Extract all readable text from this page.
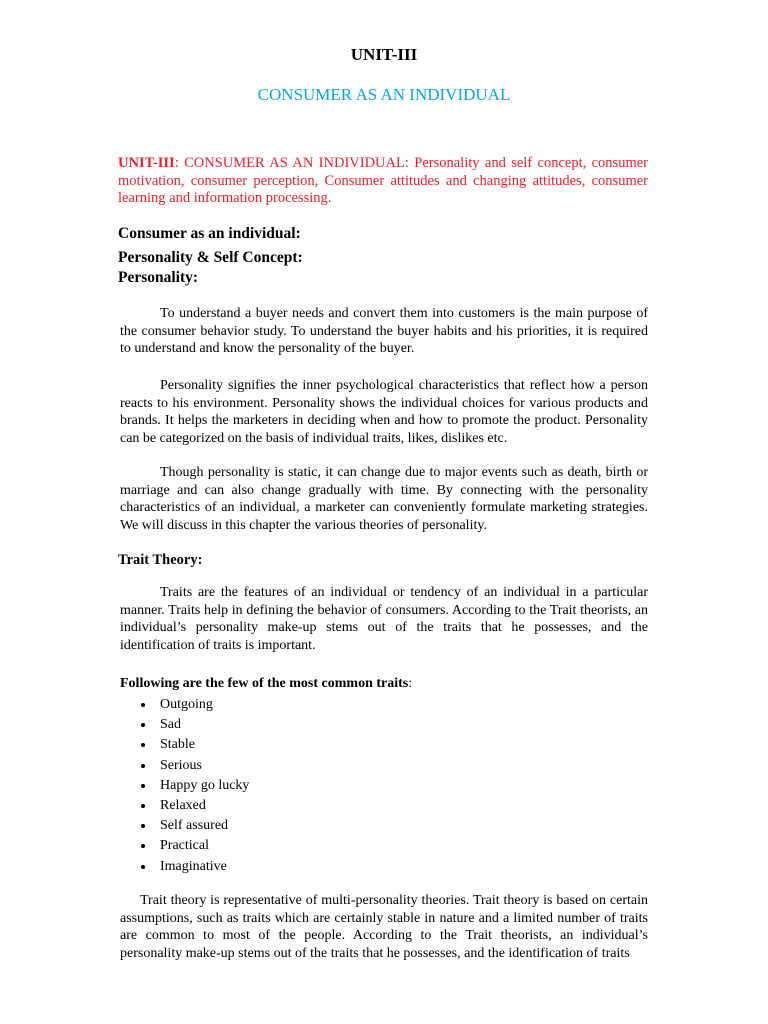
UNIT-III
CONSUMER AS AN INDIVIDUAL
UNIT-III: CONSUMER AS AN INDIVIDUAL: Personality and self concept, consumer motivation, consumer perception, Consumer attitudes and changing attitudes, consumer learning and information processing.
Consumer as an individual:
Personality & Self Concept:
Personality:

To understand a buyer needs and convert them into customers is the main purpose of the consumer behavior study. To understand the buyer habits and his priorities, it is required to understand and know the personality of the buyer.

Personality signifies the inner psychological characteristics that reflect how a person reacts to his environment. Personality shows the individual choices for various products and brands. It helps the marketers in deciding when and how to promote the product. Personality can be categorized on the basis of individual traits, likes, dislikes etc.

Though personality is static, it can change due to major events such as death, birth or marriage and can also change gradually with time. By connecting with the personality characteristics of an individual, a marketer can conveniently formulate marketing strategies. We will discuss in this chapter the various theories of personality.

Trait Theory:

Traits are the features of an individual or tendency of an individual in a particular manner. Traits help in defining the behavior of consumers. According to the Trait theorists, an individual’s personality make-up stems out of the traits that he possesses, and the identification of traits is important.

Following are the few of the most common traits:

Outgoing
Sad
Stable
Serious
Happy go lucky
Relaxed
Self assured
Practical
Imaginative

Trait theory is representative of multi-personality theories. Trait theory is based on certain assumptions, such as traits which are certainly stable in nature and a limited number of traits are common to most of the people. According to the Trait theorists, an individual’s personality make-up stems out of the traits that he possesses, and the identification of traits
